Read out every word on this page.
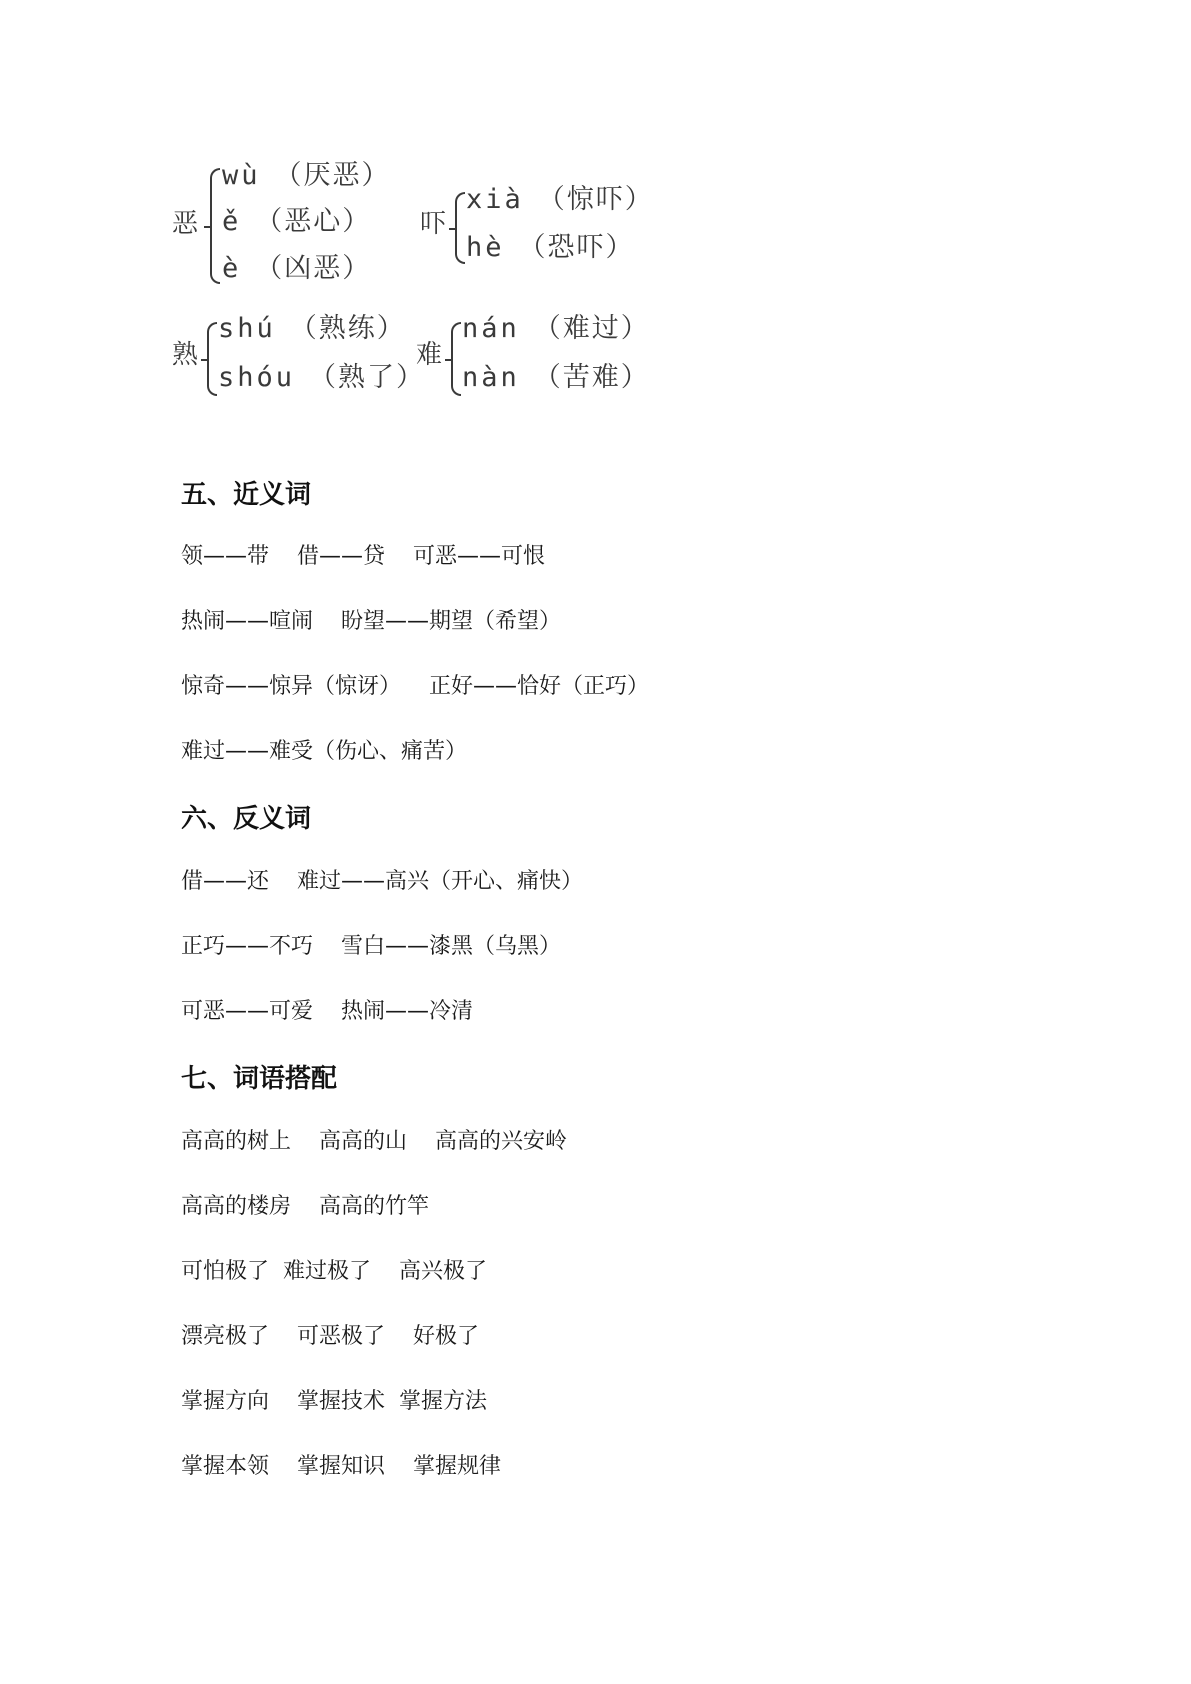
恶
wù （厌恶）
ě （恶心）
è （凶恶）
吓
xià （惊吓）
hè （恐吓）
熟
shú （熟练）
shóu （熟了）
难
nán （难过）
nàn （苦难）
五、近义词
领——带    借——贷    可恶——可恨
热闹——喧闹    盼望——期望（希望）
惊奇——惊异（惊讶）    正好——恰好（正巧）
难过——难受（伤心、痛苦）
六、反义词
借——还    难过——高兴（开心、痛快）
正巧——不巧    雪白——漆黑（乌黑）
可恶——可爱    热闹——冷清
七、词语搭配
高高的树上    高高的山    高高的兴安岭
高高的楼房    高高的竹竿
可怕极了  难过极了    高兴极了
漂亮极了    可恶极了    好极了
掌握方向    掌握技术  掌握方法
掌握本领    掌握知识    掌握规律
